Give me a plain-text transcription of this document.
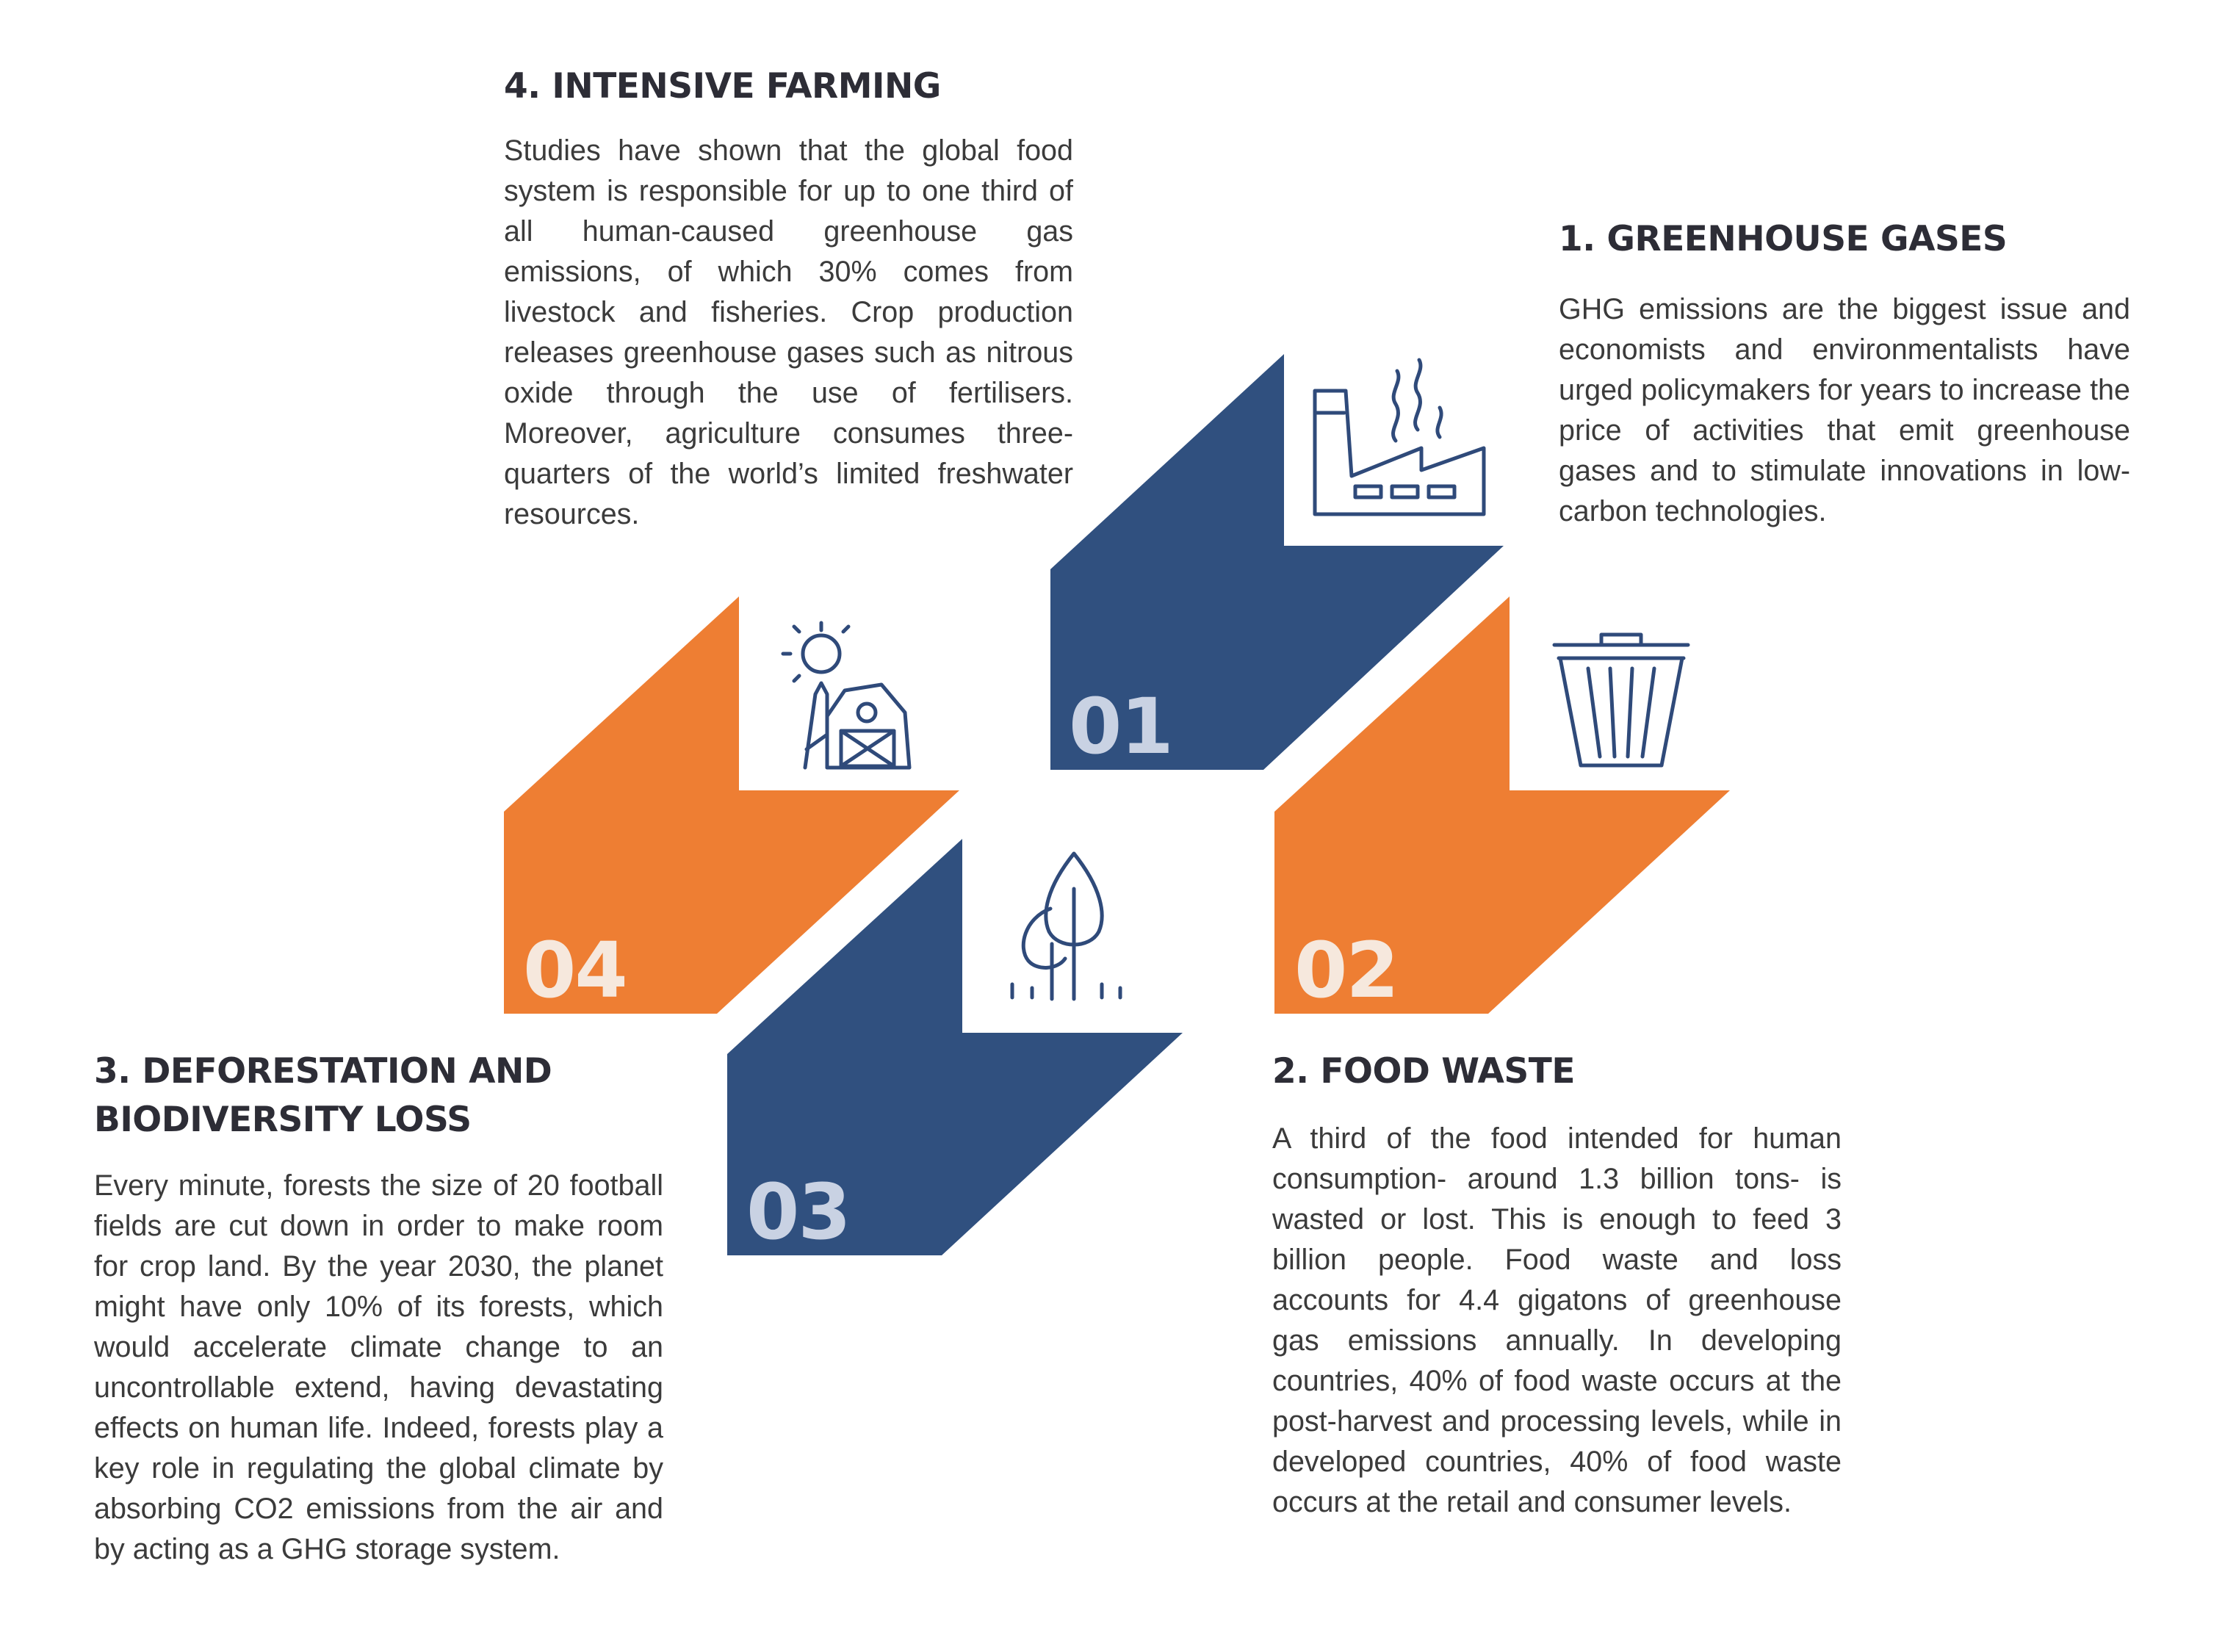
01
02
03
04
4. INTENSIVE FARMING

Studies have shown that the global food system is responsible for up to one third of all human-caused greenhouse gas emissions, of which 30% comes from livestock and fisheries. Crop production releases greenhouse gases such as nitrous oxide through the use of fertilisers. Moreover, agriculture consumes three-quarters of the world’s limited freshwater resources.

1. GREENHOUSE GASES

GHG emissions are the biggest issue and economists and environmentalists have urged policymakers for years to increase the price of activities that emit greenhouse gases and to stimulate innovations in low-carbon technologies.

3. DEFORESTATION AND
BIODIVERSITY LOSS

Every minute, forests the size of 20 football fields are cut down in order to make room for crop land. By the year 2030, the planet might have only 10% of its forests, which would accelerate climate change to an uncontrollable extend, having devastating effects on human life. Indeed, forests play a key role in regulating the global climate by absorbing CO2 emissions from the air and by acting as a GHG storage system.

2. FOOD WASTE

A third of the food intended for human consumption- around 1.3 billion tons- is wasted or lost. This is enough to feed 3 billion people. Food waste and loss accounts for 4.4 gigatons of greenhouse gas emissions annually. In developing countries, 40% of food waste occurs at the post-harvest and processing levels, while in developed countries, 40% of food waste occurs at the retail and consumer levels.
